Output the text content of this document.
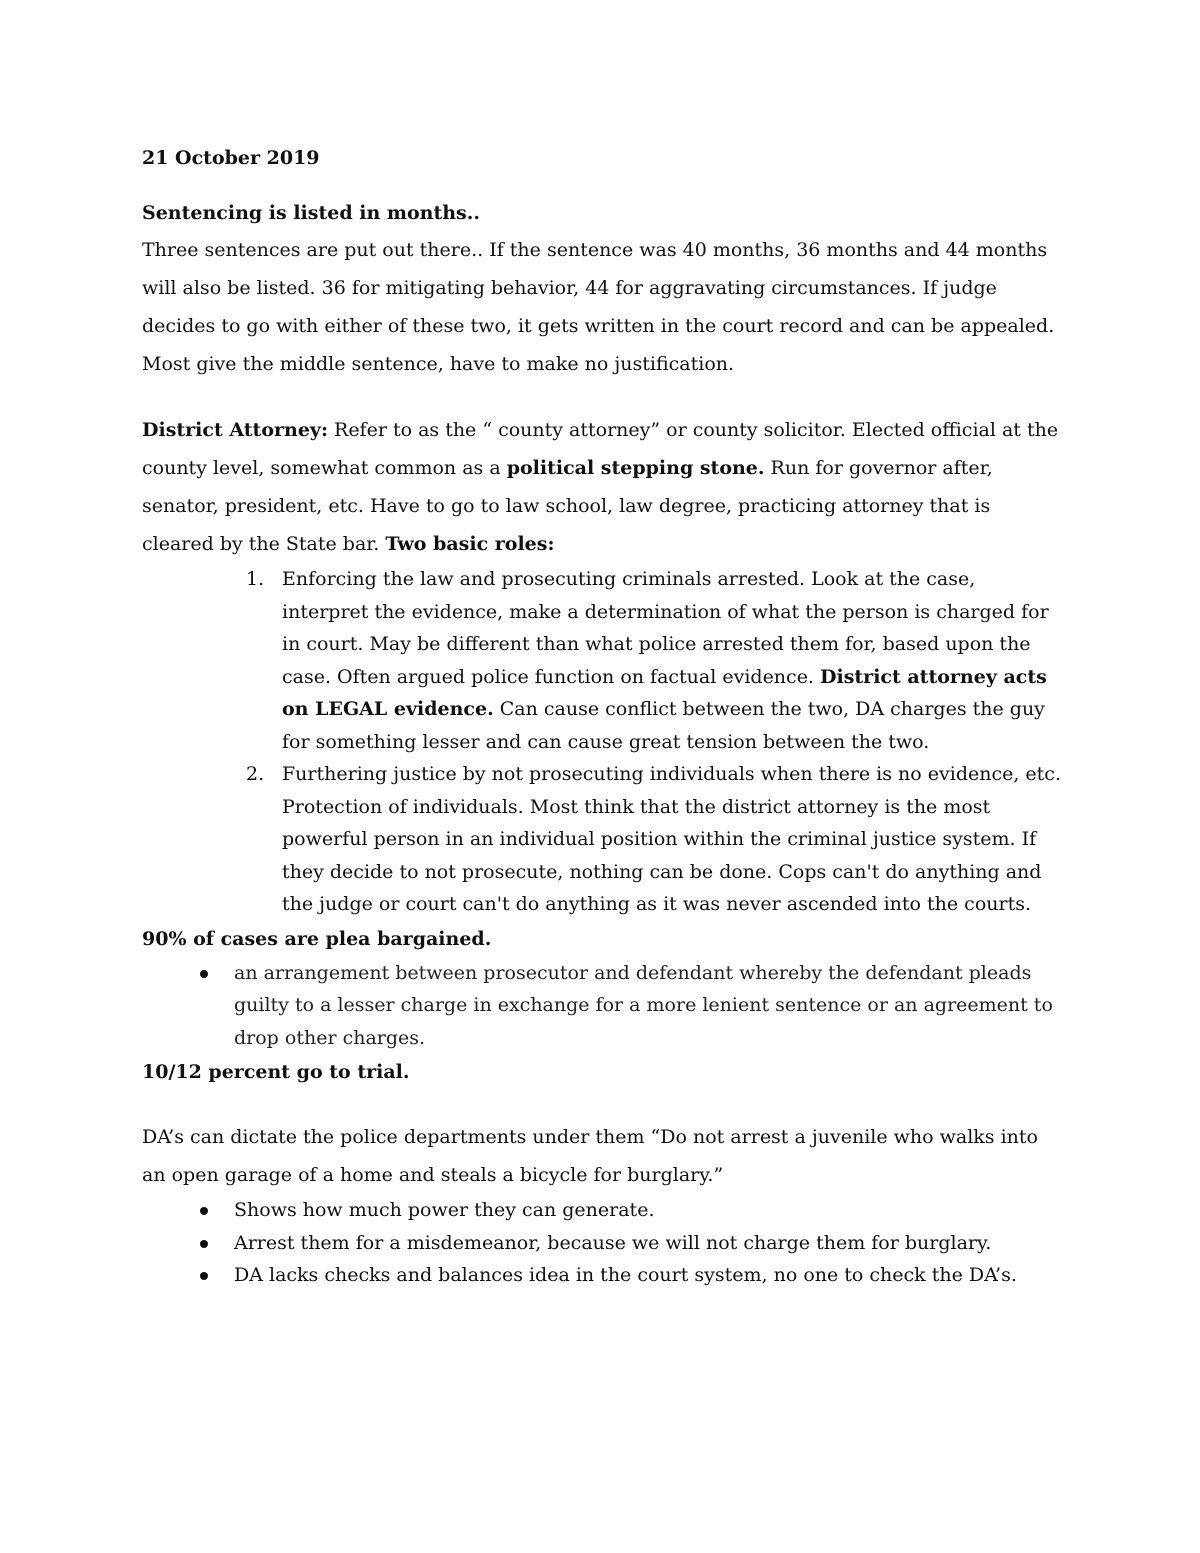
21 October 2019

Sentencing is listed in months..

Three sentences are put out there.. If the sentence was 40 months, 36 months and 44 months will also be listed. 36 for mitigating behavior, 44 for aggravating circumstances. If judge decides to go with either of these two, it gets written in the court record and can be appealed. Most give the middle sentence, have to make no justification.

District Attorney: Refer to as the “ county attorney” or county solicitor. Elected official at the county level, somewhat common as a political stepping stone. Run for governor after, senator, president, etc. Have to go to law school, law degree, practicing attorney that is cleared by the State bar. Two basic roles:

1. Enforcing the law and prosecuting criminals arrested. Look at the case, interpret the evidence, make a determination of what the person is charged for in court. May be different than what police arrested them for, based upon the case. Often argued police function on factual evidence. District attorney acts on LEGAL evidence. Can cause conflict between the two, DA charges the guy for something lesser and can cause great tension between the two.
2. Furthering justice by not prosecuting individuals when there is no evidence, etc. Protection of individuals. Most think that the district attorney is the most powerful person in an individual position within the criminal justice system. If they decide to not prosecute, nothing can be done. Cops can't do anything and the judge or court can't do anything as it was never ascended into the courts.

90% of cases are plea bargained.

an arrangement between prosecutor and defendant whereby the defendant pleads guilty to a lesser charge in exchange for a more lenient sentence or an agreement to drop other charges.

10/12 percent go to trial.

DA’s can dictate the police departments under them “Do not arrest a juvenile who walks into an open garage of a home and steals a bicycle for burglary.”

Shows how much power they can generate.
Arrest them for a misdemeanor, because we will not charge them for burglary.
DA lacks checks and balances idea in the court system, no one to check the DA’s.
